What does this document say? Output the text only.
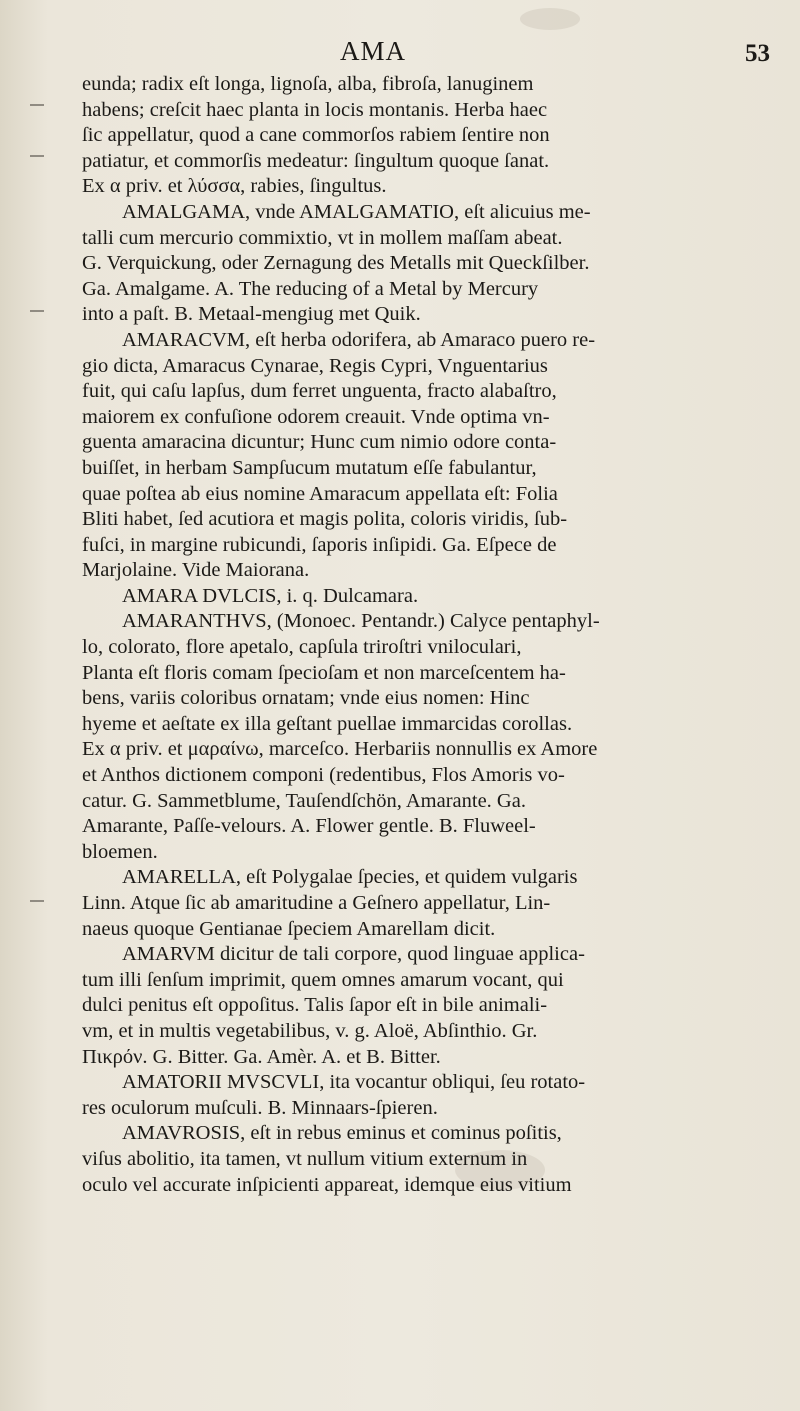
AMA	53
eunda; radix eſt longa, lignoſa, alba, fibroſa, lanuginem
habens; creſcit haec planta in locis montanis. Herba haec
ſic appellatur, quod a cane commorſos rabiem ſentire non
patiatur, et commorſis medeatur: ſingultum quoque ſanat.
Ex α priv. et λύσσα, rabies, ſingultus.
AMALGAMA, vnde AMALGAMATIO, eſt alicuius me-
talli cum mercurio commixtio, vt in mollem maſſam abeat.
G. Verquickung, oder Zernagung des Metalls mit Queckſilber.
Ga. Amalgame. A. The reducing of a Metal by Mercury
into a paſt. B. Metaal-mengiug met Quik.
AMARACVM, eſt herba odorifera, ab Amaraco puero re-
gio dicta, Amaracus Cynarae, Regis Cypri, Vnguentarius
fuit, qui caſu lapſus, dum ferret unguenta, fracto alabaſtro,
maiorem ex confuſione odorem creauit. Vnde optima vn-
guenta amaracina dicuntur; Hunc cum nimio odore conta-
buiſſet, in herbam Sampſucum mutatum eſſe fabulantur,
quae poſtea ab eius nomine Amaracum appellata eſt: Folia
Bliti habet, ſed acutiora et magis polita, coloris viridis, ſub-
fuſci, in margine rubicundi, ſaporis inſipidi. Ga. Eſpece de
Marjolaine. Vide Maiorana.
AMARA DVLCIS, i. q. Dulcamara.
AMARANTHVS, (Monoec. Pentandr.) Calyce pentaphyl-
lo, colorato, flore apetalo, capſula triroſtri vniloculari,
Planta eſt floris comam ſpecioſam et non marceſcentem ha-
bens, variis coloribus ornatam; vnde eius nomen: Hinc
hyeme et aeſtate ex illa geſtant puellae immarcidas corollas.
Ex α priv. et μαραίνω, marceſco. Herbariis nonnullis ex Amore
et Anthos dictionem componi (redentibus, Flos Amoris vo-
catur. G. Sammetblume, Tauſendſchön, Amarante. Ga.
Amarante, Paſſe-velours. A. Flower gentle. B. Fluweel-
bloemen.
AMARELLA, eſt Polygalae ſpecies, et quidem vulgaris
Linn. Atque ſic ab amaritudine a Geſnero appellatur, Lin-
naeus quoque Gentianae ſpeciem Amarellam dicit.
AMARVM dicitur de tali corpore, quod linguae applica-
tum illi ſenſum imprimit, quem omnes amarum vocant, qui
dulci penitus eſt oppoſitus. Talis ſapor eſt in bile animali-
vm, et in multis vegetabilibus, v. g. Aloë, Abſinthio. Gr.
Πικρόν. G. Bitter. Ga. Amèr. A. et B. Bitter.
AMATORII MVSCVLI, ita vocantur obliqui, ſeu rotato-
res oculorum muſculi. B. Minnaars-ſpieren.
AMAVROSIS, eſt in rebus eminus et cominus poſitis,
viſus abolitio, ita tamen, vt nullum vitium externum in
oculo vel accurate inſpicienti appareat, idemque eius vitium
